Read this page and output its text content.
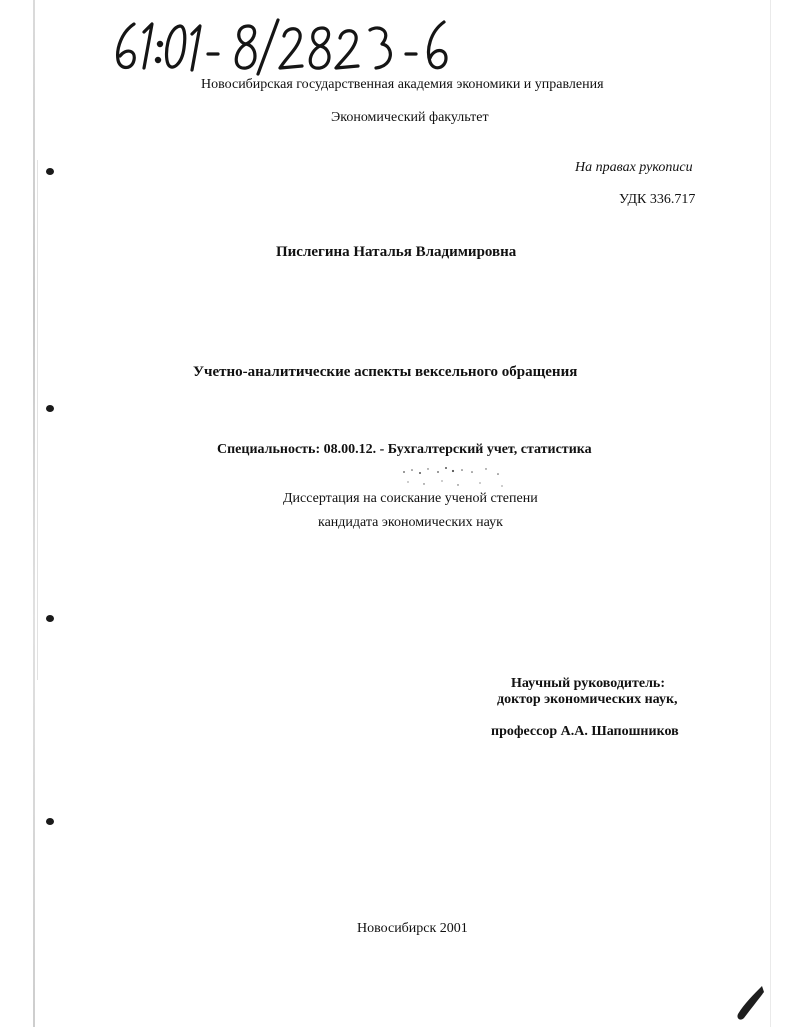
Новосибирская государственная академия экономики и управления
Экономический факультет
На правах рукописи
УДК 336.717
Пислегина Наталья Владимировна
Учетно-аналитические аспекты вексельного обращения
Специальность: 08.00.12. - Бухгалтерский учет, статистика
Диссертация на соискание ученой степени
кандидата экономических наук
Научный руководитель:
доктор экономических наук,
профессор А.А. Шапошников
Новосибирск 2001
